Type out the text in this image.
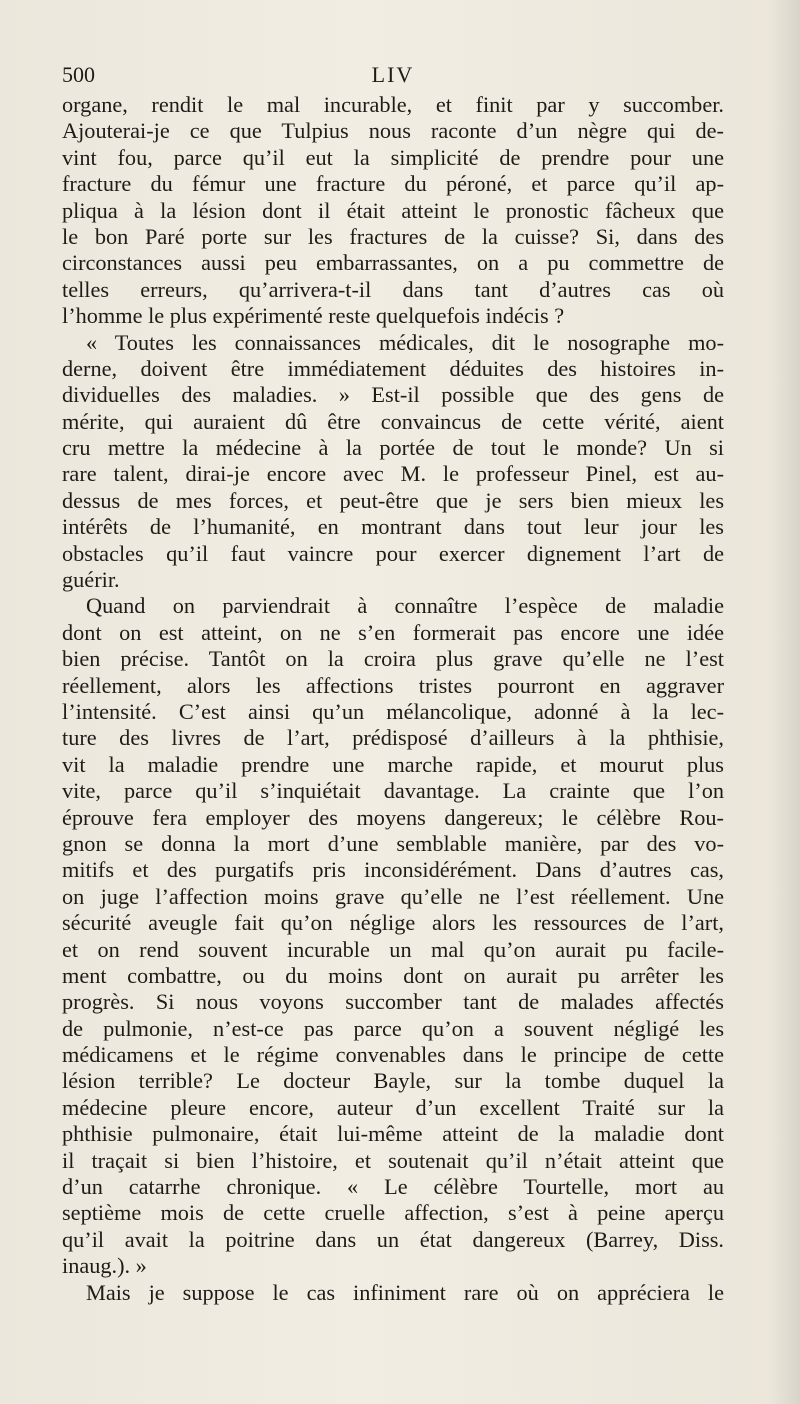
500	LIV
organe, rendit le mal incurable, et finit par y succomber.
Ajouterai-je ce que Tulpius nous raconte d’un nègre qui de-
vint fou, parce qu’il eut la simplicité de prendre pour une
fracture du fémur une fracture du péroné, et parce qu’il ap-
pliqua à la lésion dont il était atteint le pronostic fâcheux que
le bon Paré porte sur les fractures de la cuisse? Si, dans des
circonstances aussi peu embarrassantes, on a pu commettre de
telles erreurs, qu’arrivera-t-il dans tant d’autres cas où
l’homme le plus expérimenté reste quelquefois indécis ?
« Toutes les connaissances médicales, dit le nosographe mo-
derne, doivent être immédiatement déduites des histoires in-
dividuelles des maladies. » Est-il possible que des gens de
mérite, qui auraient dû être convaincus de cette vérité, aient
cru mettre la médecine à la portée de tout le monde? Un si
rare talent, dirai-je encore avec M. le professeur Pinel, est au-
dessus de mes forces, et peut-être que je sers bien mieux les
intérêts de l’humanité, en montrant dans tout leur jour les
obstacles qu’il faut vaincre pour exercer dignement l’art de
guérir.
Quand on parviendrait à connaître l’espèce de maladie
dont on est atteint, on ne s’en formerait pas encore une idée
bien précise. Tantôt on la croira plus grave qu’elle ne l’est
réellement, alors les affections tristes pourront en aggraver
l’intensité. C’est ainsi qu’un mélancolique, adonné à la lec-
ture des livres de l’art, prédisposé d’ailleurs à la phthisie,
vit la maladie prendre une marche rapide, et mourut plus
vite, parce qu’il s’inquiétait davantage. La crainte que l’on
éprouve fera employer des moyens dangereux; le célèbre Rou-
gnon se donna la mort d’une semblable manière, par des vo-
mitifs et des purgatifs pris inconsidérément. Dans d’autres cas,
on juge l’affection moins grave qu’elle ne l’est réellement. Une
sécurité aveugle fait qu’on néglige alors les ressources de l’art,
et on rend souvent incurable un mal qu’on aurait pu facile-
ment combattre, ou du moins dont on aurait pu arrêter les
progrès. Si nous voyons succomber tant de malades affectés
de pulmonie, n’est-ce pas parce qu’on a souvent négligé les
médicamens et le régime convenables dans le principe de cette
lésion terrible? Le docteur Bayle, sur la tombe duquel la
médecine pleure encore, auteur d’un excellent Traité sur la
phthisie pulmonaire, était lui-même atteint de la maladie dont
il traçait si bien l’histoire, et soutenait qu’il n’était atteint que
d’un catarrhe chronique. « Le célèbre Tourtelle, mort au
septième mois de cette cruelle affection, s’est à peine aperçu
qu’il avait la poitrine dans un état dangereux (Barrey, Diss.
inaug.). »
Mais je suppose le cas infiniment rare où on appréciera le
